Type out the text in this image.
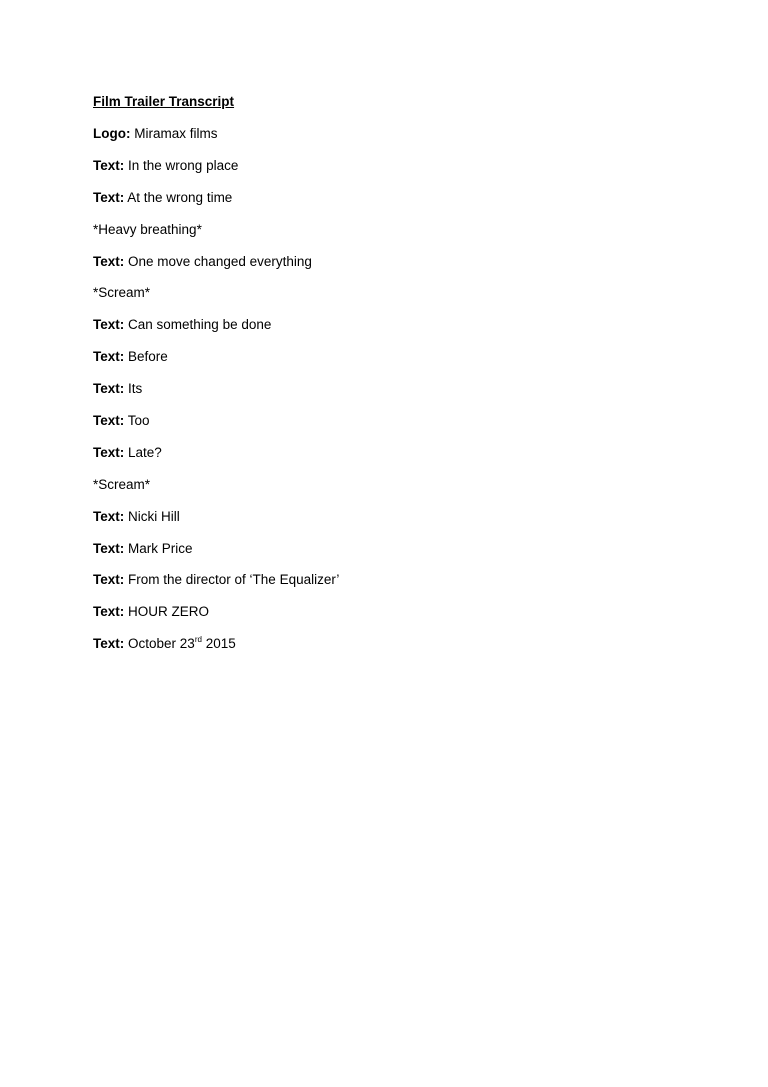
Film Trailer Transcript
Logo: Miramax films
Text: In the wrong place
Text: At the wrong time
*Heavy breathing*
Text: One move changed everything
*Scream*
Text: Can something be done
Text: Before
Text: Its
Text: Too
Text: Late?
*Scream*
Text: Nicki Hill
Text: Mark Price
Text: From the director of ‘The Equalizer’
Text: HOUR ZERO
Text: October 23rd 2015
